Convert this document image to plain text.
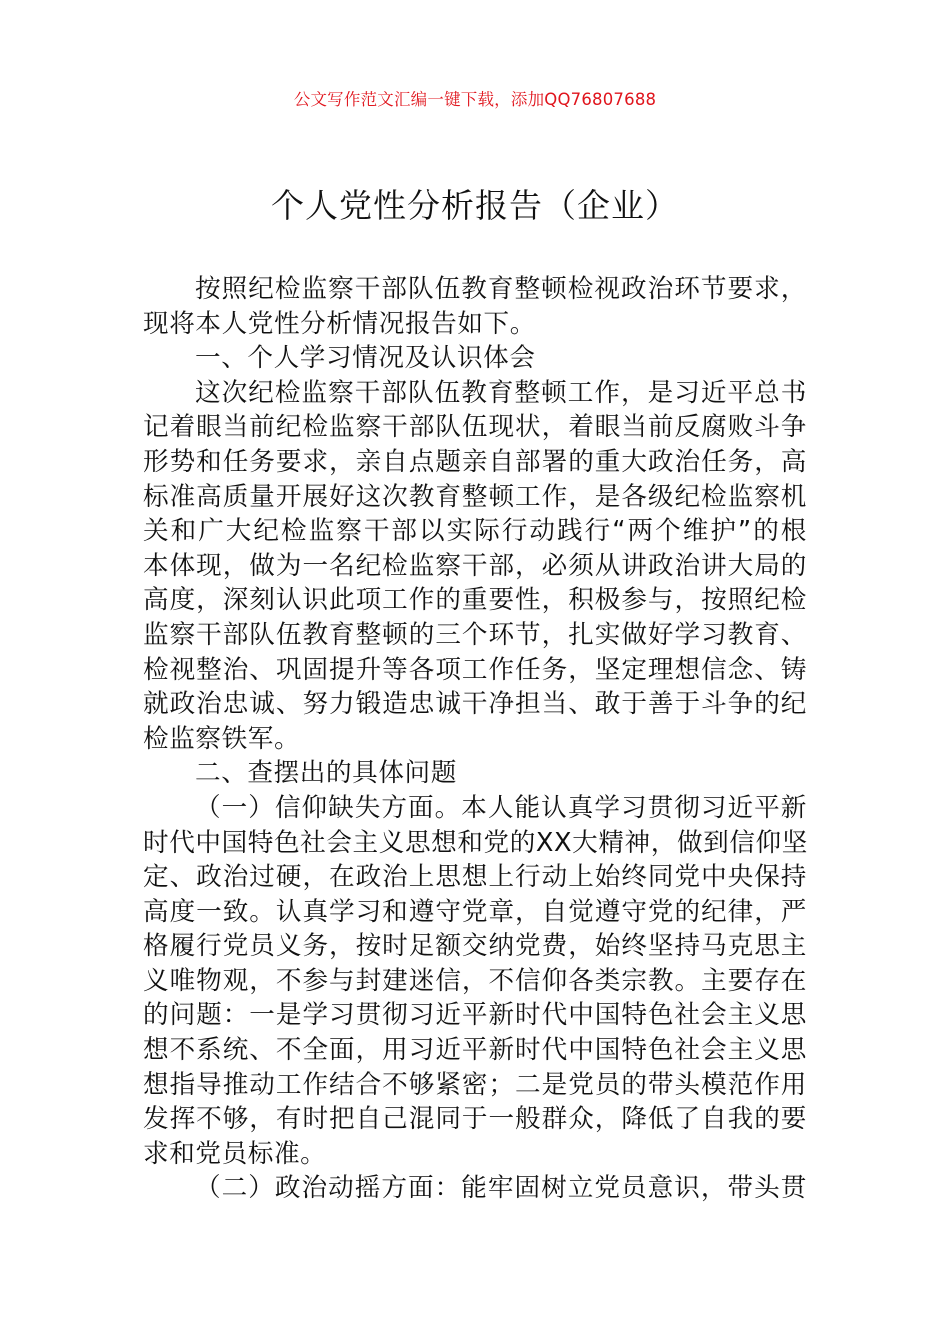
公文写作范文汇编一键下载，添加QQ76807688
个人党性分析报告（企业）
按照纪检监察干部队伍教育整顿检视政治环节要求，
现将本人党性分析情况报告如下。
一、个人学习情况及认识体会
这次纪检监察干部队伍教育整顿工作，是习近平总书
记着眼当前纪检监察干部队伍现状，着眼当前反腐败斗争
形势和任务要求，亲自点题亲自部署的重大政治任务，高
标准高质量开展好这次教育整顿工作，是各级纪检监察机
关和广大纪检监察干部以实际行动践行“两个维护”的根
本体现，做为一名纪检监察干部，必须从讲政治讲大局的
高度，深刻认识此项工作的重要性，积极参与，按照纪检
监察干部队伍教育整顿的三个环节，扎实做好学习教育、
检视整治、巩固提升等各项工作任务，坚定理想信念、铸
就政治忠诚、努力锻造忠诚干净担当、敢于善于斗争的纪
检监察铁军。
二、查摆出的具体问题
（一）信仰缺失方面。本人能认真学习贯彻习近平新
时代中国特色社会主义思想和党的XX大精神，做到信仰坚
定、政治过硬，在政治上思想上行动上始终同党中央保持
高度一致。认真学习和遵守党章，自觉遵守党的纪律，严
格履行党员义务，按时足额交纳党费，始终坚持马克思主
义唯物观，不参与封建迷信，不信仰各类宗教。主要存在
的问题：一是学习贯彻习近平新时代中国特色社会主义思
想不系统、不全面，用习近平新时代中国特色社会主义思
想指导推动工作结合不够紧密；二是党员的带头模范作用
发挥不够，有时把自己混同于一般群众，降低了自我的要
求和党员标准。
（二）政治动摇方面：能牢固树立党员意识，带头贯
